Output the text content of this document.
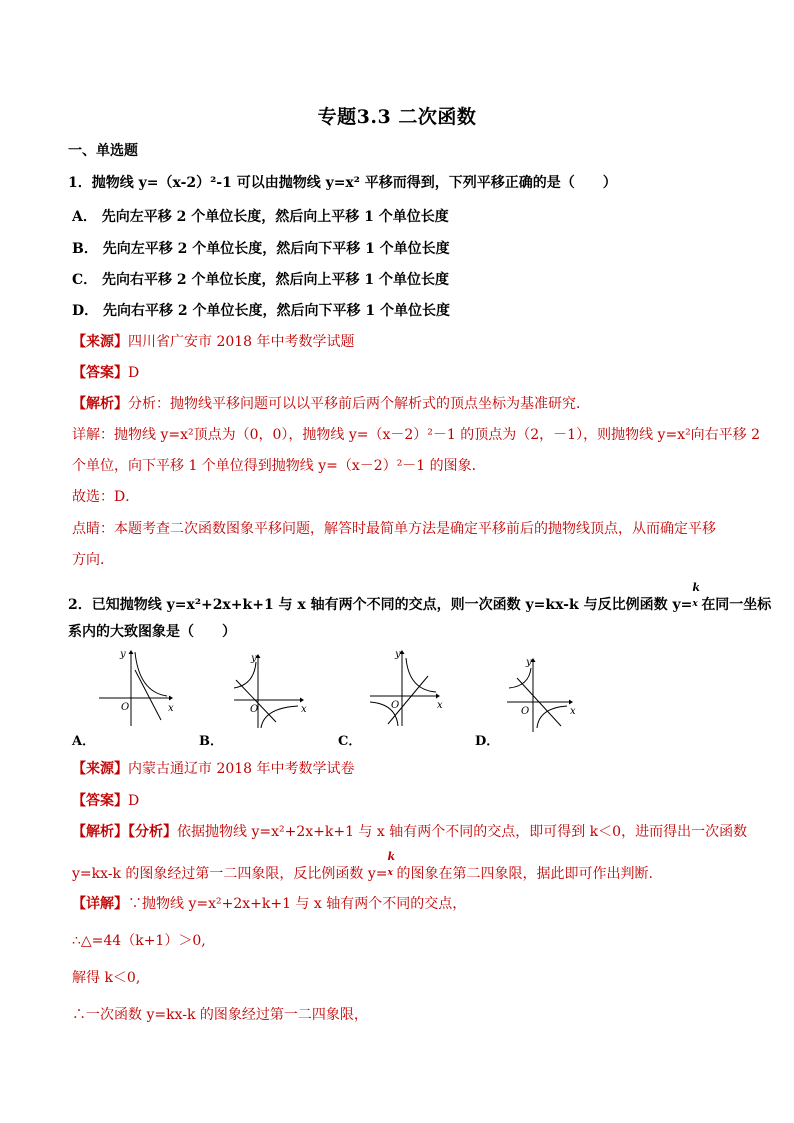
专题3.3 二次函数
一、单选题
1．抛物线 y=（x-2）²-1 可以由抛物线 y=x² 平移而得到，下列平移正确的是（　　）
A． 先向左平移 2 个单位长度，然后向上平移 1 个单位长度
B． 先向左平移 2 个单位长度，然后向下平移 1 个单位长度
C． 先向右平移 2 个单位长度，然后向上平移 1 个单位长度
D． 先向右平移 2 个单位长度，然后向下平移 1 个单位长度
【来源】四川省广安市 2018 年中考数学试题
【答案】D
【解析】分析：抛物线平移问题可以以平移前后两个解析式的顶点坐标为基准研究．
详解：抛物线 y=x²顶点为（0，0），抛物线 y=（x－2）²－1 的顶点为（2，－1），则抛物线 y=x²向右平移 2
个单位，向下平移 1 个单位得到抛物线 y=（x－2）²－1 的图象．
故选：D．
点睛：本题考查二次函数图象平移问题，解答时最简单方法是确定平移前后的抛物线顶点，从而确定平移
方向．
2．已知抛物线 y=x²+2x+k+1 与 x 轴有两个不同的交点，则一次函数 y=kx-k 与反比例函数 y=
k
x 在同一坐标
系内的大致图象是（　　）
y
x
O
y
x
O
y
x
O
y
x
O
A．	B．	C．	D．
【来源】内蒙古通辽市 2018 年中考数学试卷
【答案】D
【解析】【分析】依据抛物线 y=x²+2x+k+1 与 x 轴有两个不同的交点，即可得到 k＜0，进而得出一次函数
y=kx-k 的图象经过第一二四象限，反比例函数 y=
k
x 的图象在第二四象限，据此即可作出判断.
【详解】∵抛物线 y=x²+2x+k+1 与 x 轴有两个不同的交点，
∴△=44（k+1）＞0,
解得 k＜0,
∴一次函数 y=kx-k 的图象经过第一二四象限，
